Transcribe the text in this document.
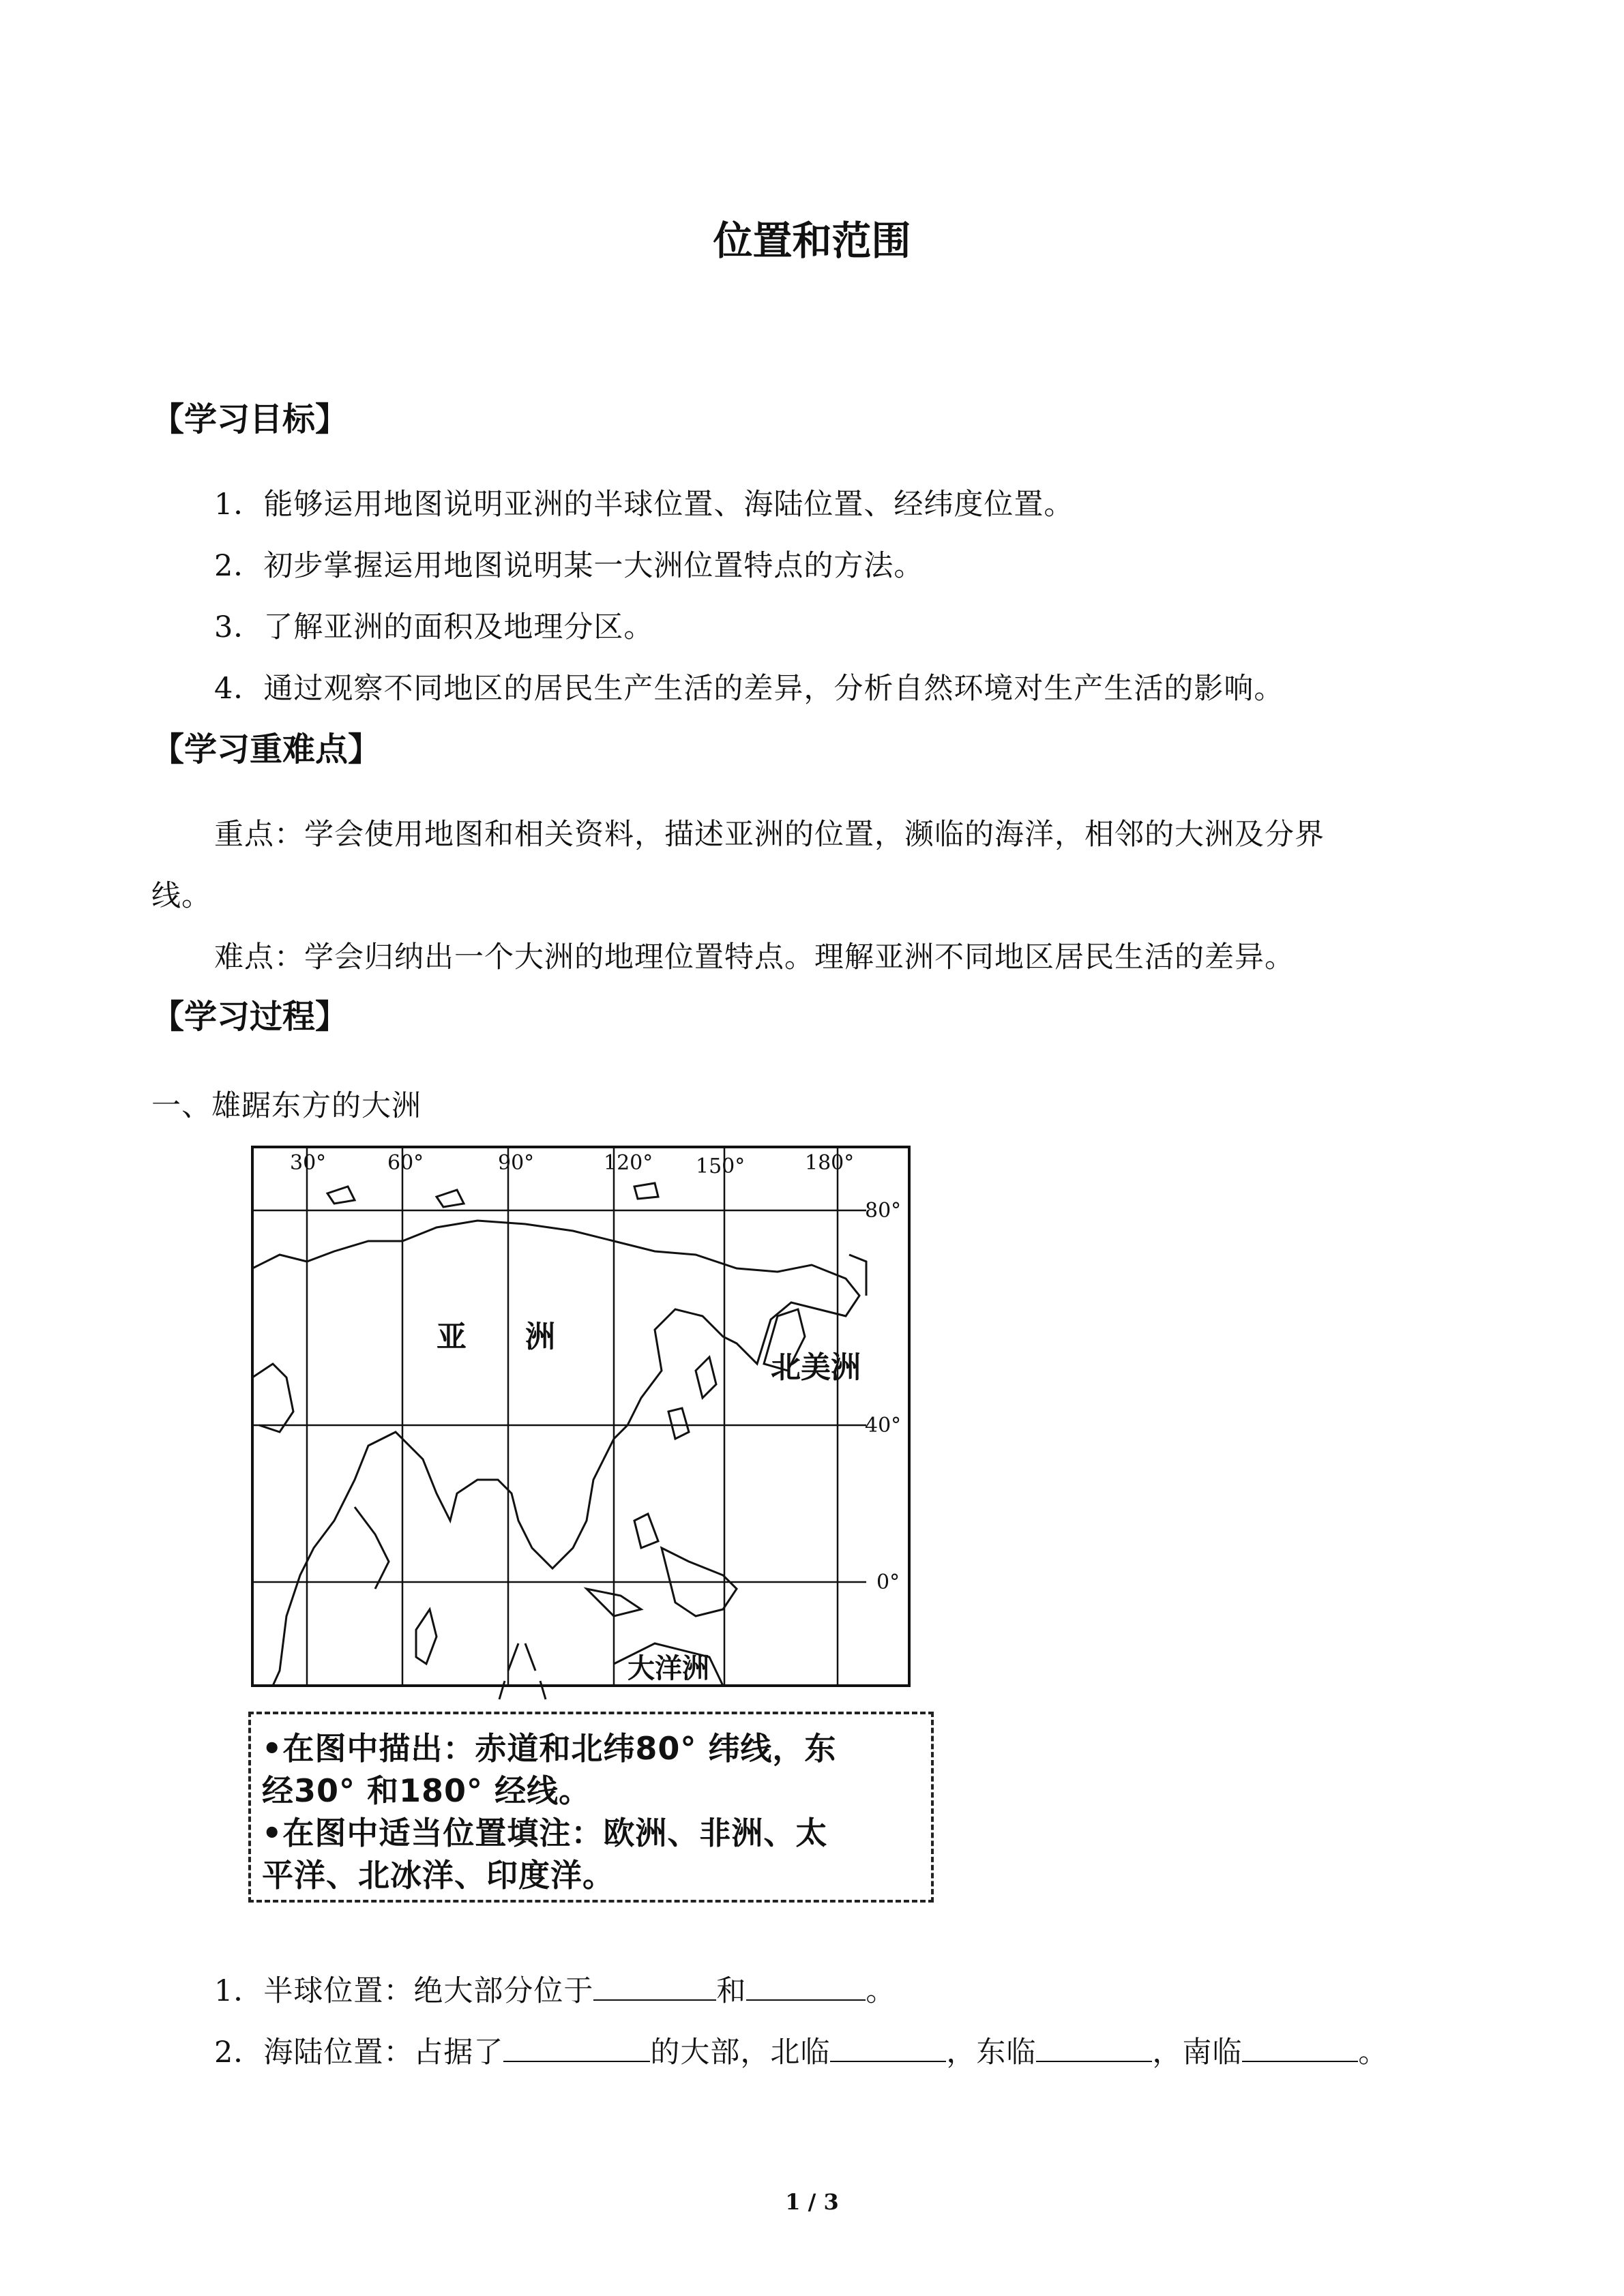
位置和范围
【学习目标】
1．能够运用地图说明亚洲的半球位置、海陆位置、经纬度位置。
2．初步掌握运用地图说明某一大洲位置特点的方法。
3．了解亚洲的面积及地理分区。
4．通过观察不同地区的居民生产生活的差异，分析自然环境对生产生活的影响。
【学习重难点】
重点：学会使用地图和相关资料，描述亚洲的位置，濒临的海洋，相邻的大洲及分界
线。
难点：学会归纳出一个大洲的地理位置特点。理解亚洲不同地区居民生活的差异。
【学习过程】
一、雄踞东方的大洲
30°	60°	90°	120° 150°	180°
80°
40°
0°
亚 洲
北美洲
大洋洲
•在图中描出：赤道和北纬80° 纬线，东
经30° 和180° 经线。
•在图中适当位置填注：欧洲、非洲、太
平洋、北冰洋、印度洋。
1．半球位置：绝大部分位于	和	。
2．海陆位置：占据了	的大部，北临	，东临	，南临	。
1 / 3
